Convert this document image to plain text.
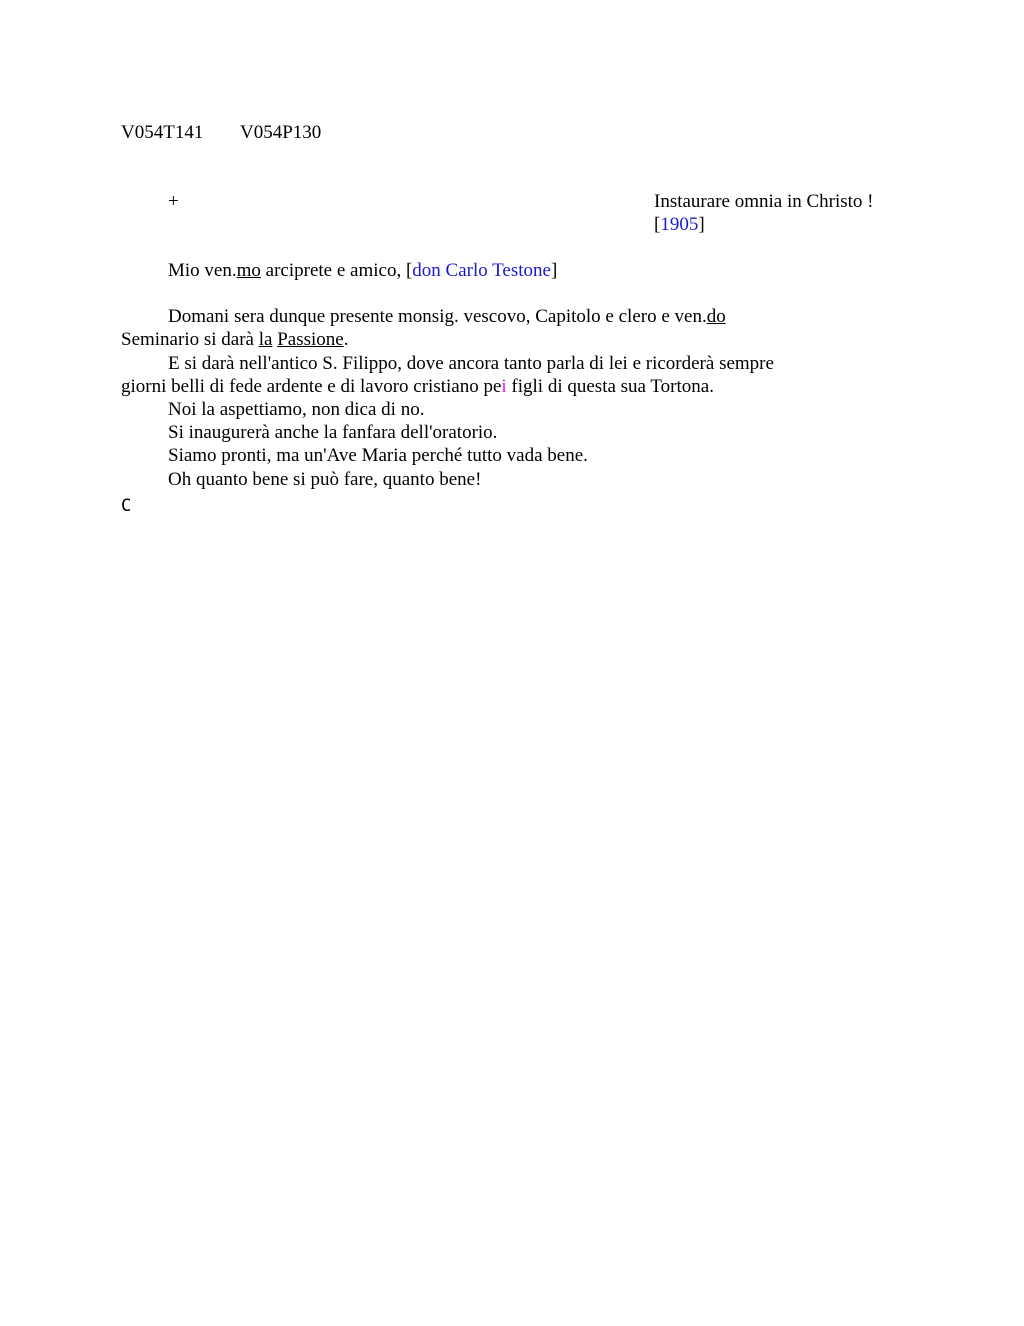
V054T141 V054P130
+	Instaurare omnia in Christo !
[1905]
Mio ven.mo arciprete e amico, [don Carlo Testone]
Domani sera dunque presente monsig. vescovo, Capitolo e clero e ven.do
Seminario si darà la Passione.
E si darà nell'antico S. Filippo, dove ancora tanto parla di lei e ricorderà sempre
giorni belli di fede ardente e di lavoro cristiano pei figli di questa sua Tortona.
Noi la aspettiamo, non dica di no.
Si inaugurerà anche la fanfara dell'oratorio.
Siamo pronti, ma un'Ave Maria perché tutto vada bene.
Oh quanto bene si può fare, quanto bene!
C
